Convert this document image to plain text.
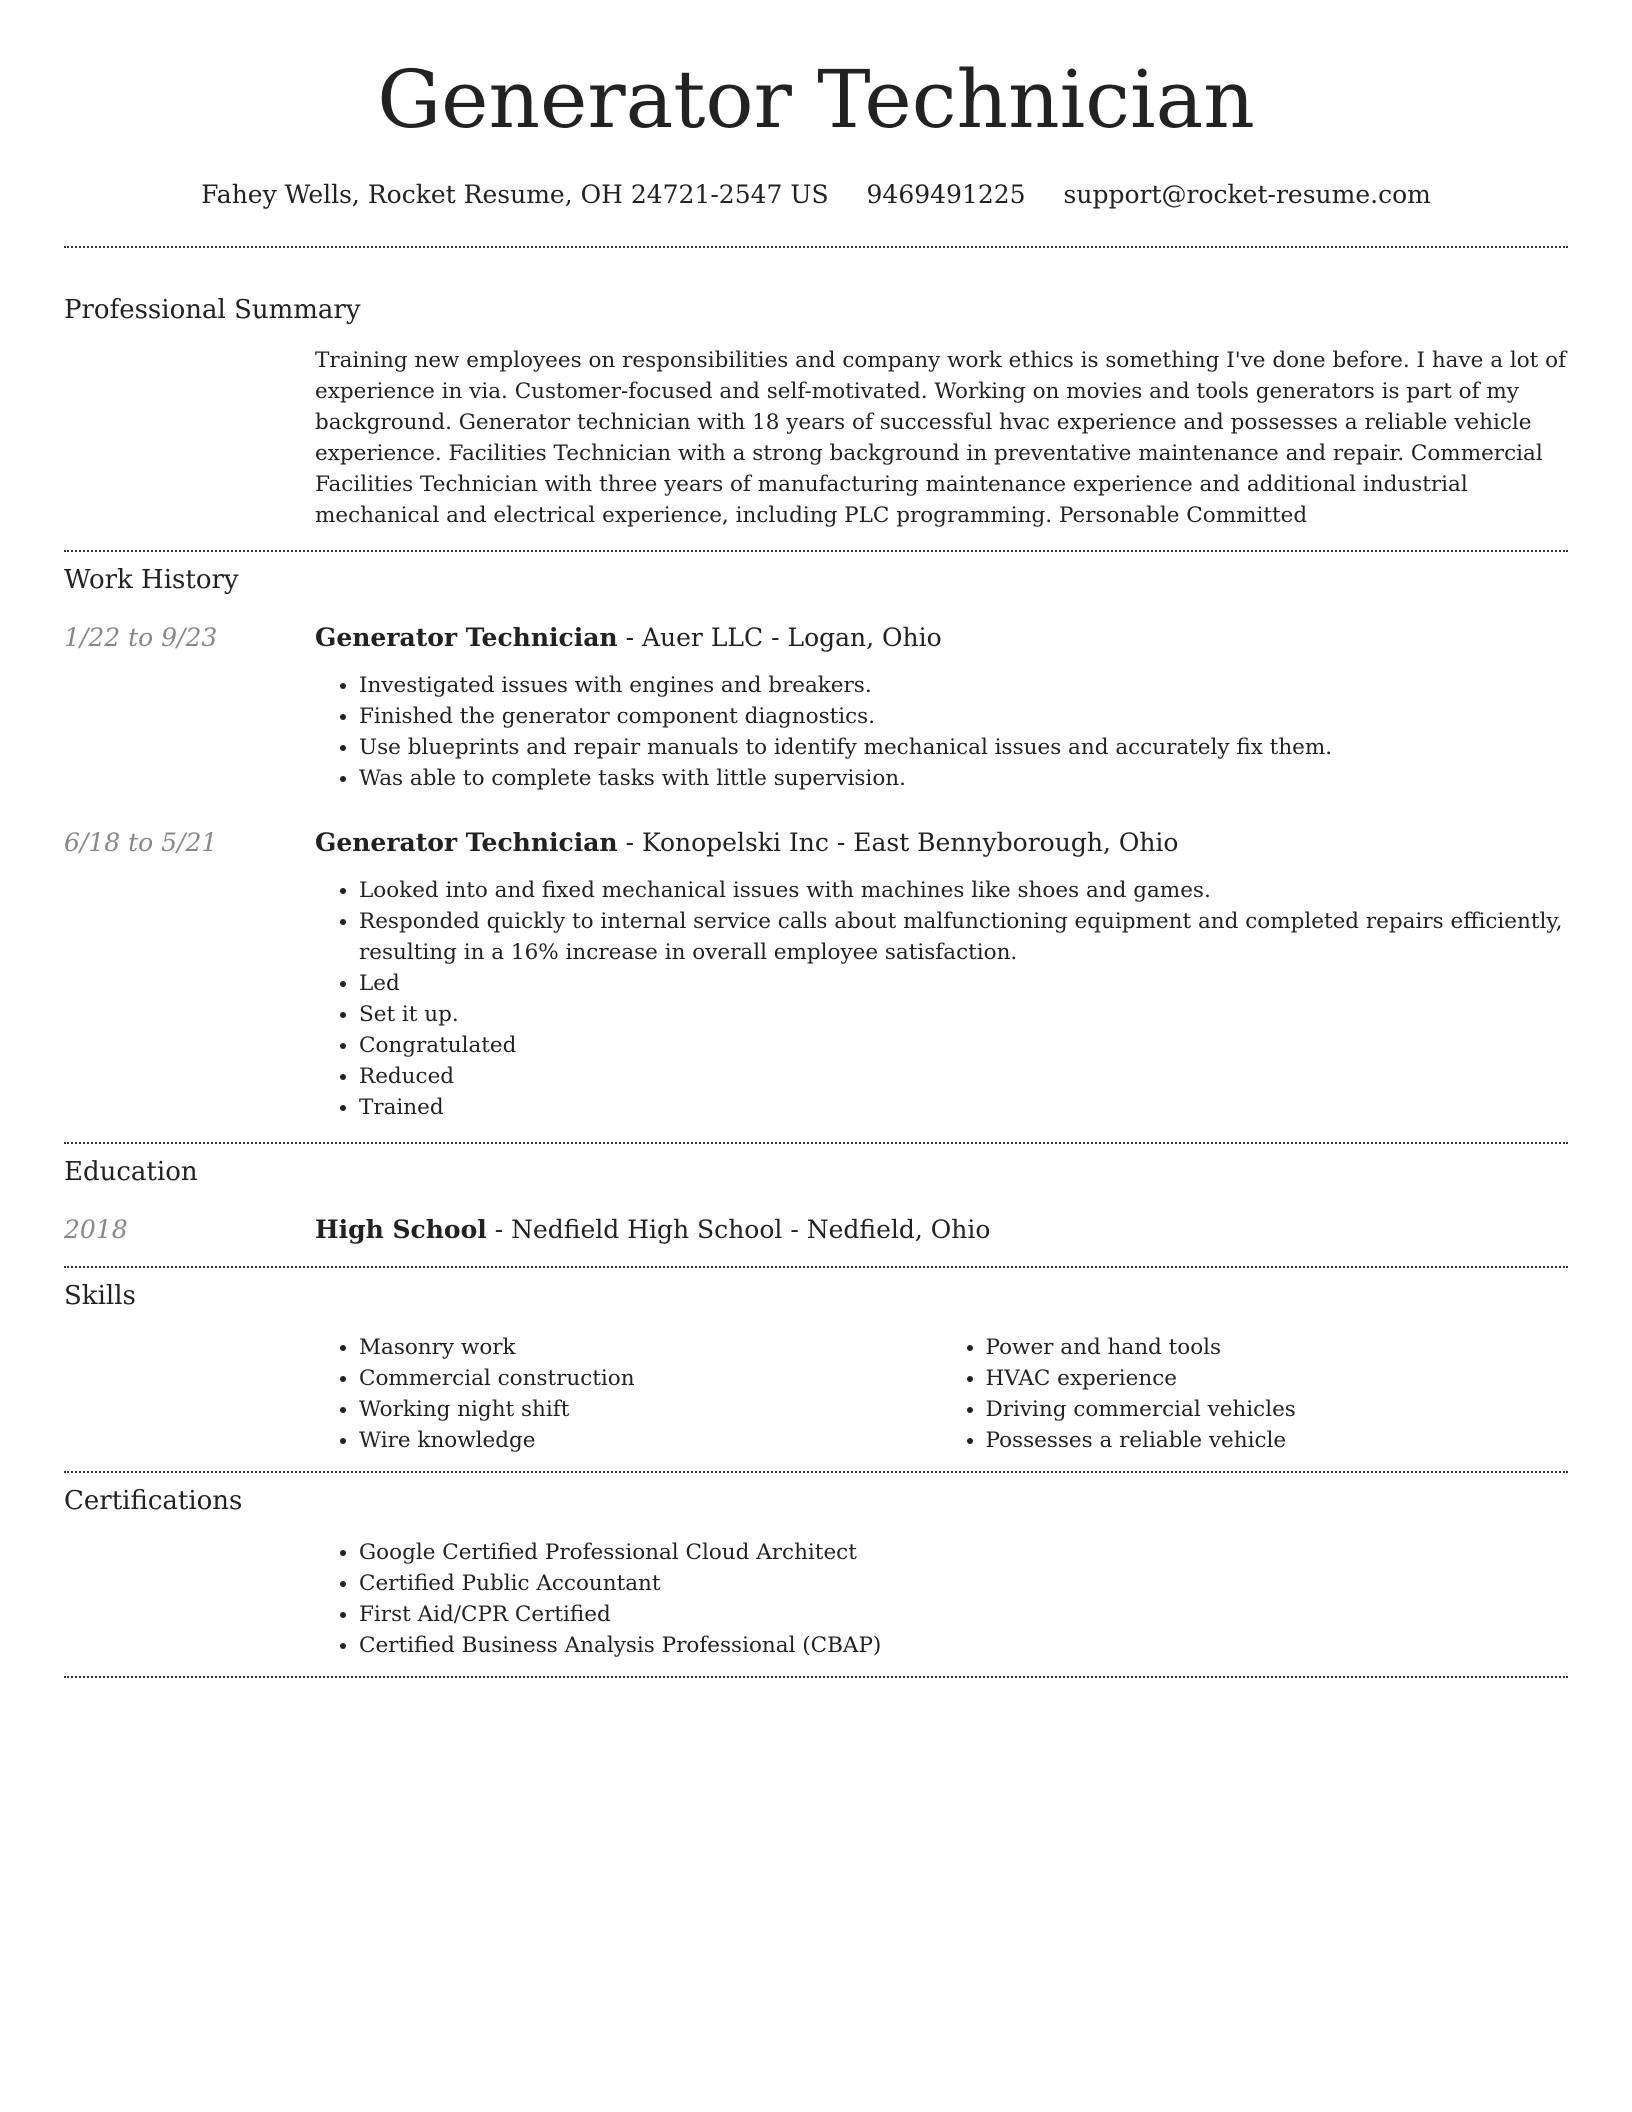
Generator Technician
Fahey Wells, Rocket Resume, OH 24721-2547 US 9469491225 support@rocket-resume.com
Professional Summary
Training new employees on responsibilities and company work ethics is something I've done before. I have a lot of experience in via. Customer-focused and self-motivated. Working on movies and tools generators is part of my background. Generator technician with 18 years of successful hvac experience and possesses a reliable vehicle experience. Facilities Technician with a strong background in preventative maintenance and repair. Commercial Facilities Technician with three years of manufacturing maintenance experience and additional industrial mechanical and electrical experience, including PLC programming. Personable Committed
Work History
1/22 to 9/23	Generator Technician - Auer LLC - Logan, Ohio
• Investigated issues with engines and breakers.
• Finished the generator component diagnostics.
• Use blueprints and repair manuals to identify mechanical issues and accurately fix them.
• Was able to complete tasks with little supervision.
6/18 to 5/21	Generator Technician - Konopelski Inc - East Bennyborough, Ohio
• Looked into and fixed mechanical issues with machines like shoes and games.
• Responded quickly to internal service calls about malfunctioning equipment and completed repairs efficiently, resulting in a 16% increase in overall employee satisfaction.
• Led
• Set it up.
• Congratulated
• Reduced
• Trained
Education
2018	High School - Nedfield High School - Nedfield, Ohio
Skills
• Masonry work
• Commercial construction
• Working night shift
• Wire knowledge
• Power and hand tools
• HVAC experience
• Driving commercial vehicles
• Possesses a reliable vehicle
Certifications
• Google Certified Professional Cloud Architect
• Certified Public Accountant
• First Aid/CPR Certified
• Certified Business Analysis Professional (CBAP)
